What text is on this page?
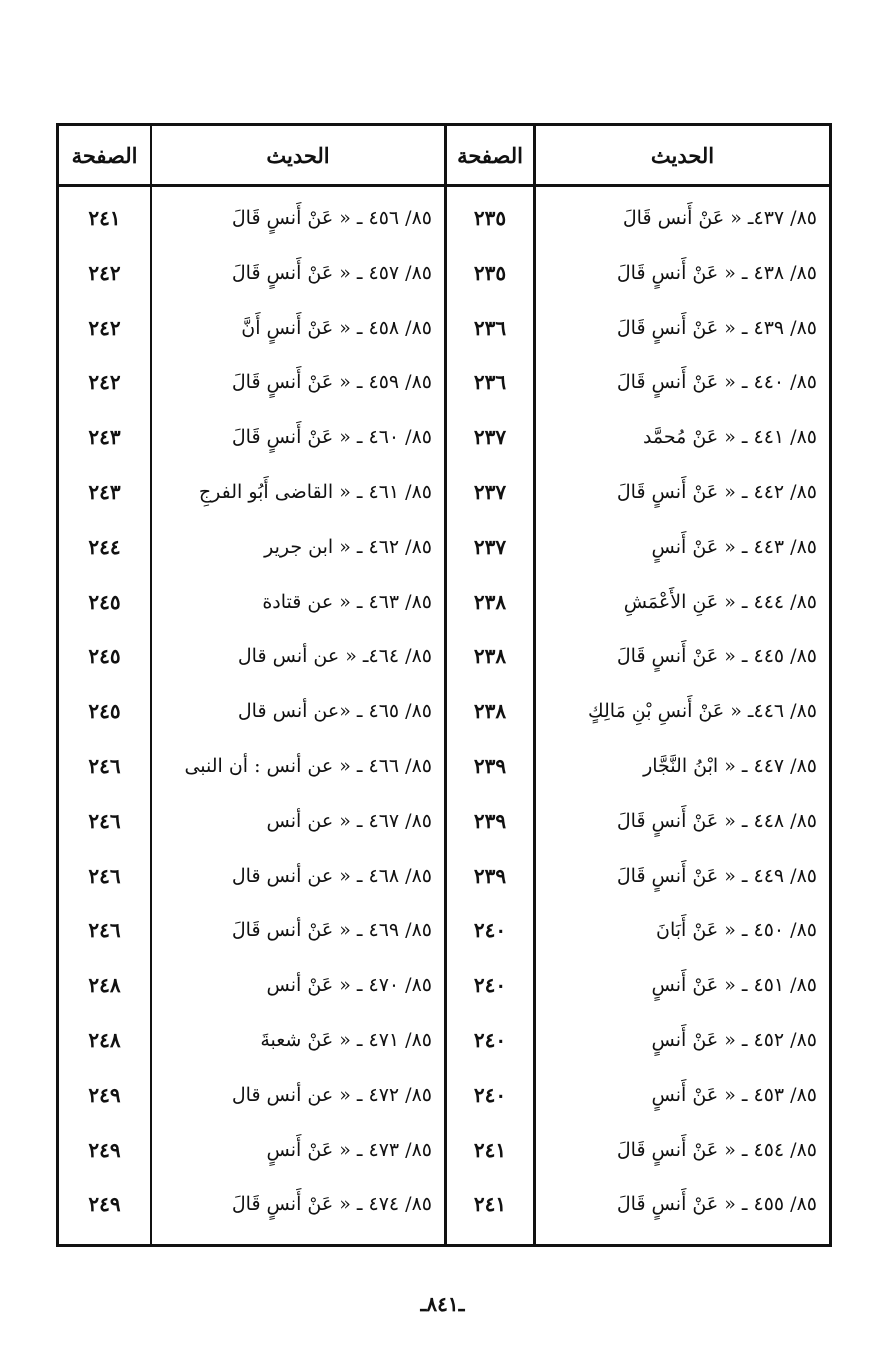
الحديث
الصفحة
الحديث
الصفحة
٨٥/ ٤٣٧ـ « عَنْ أَنس قَالَ
٢٣٥
٨٥/ ٤٣٨ ـ « عَنْ أَنسٍ قَالَ
٢٣٥
٨٥/ ٤٣٩ ـ « عَنْ أَنسٍ قَالَ
٢٣٦
٨٥/ ٤٤٠ ـ « عَنْ أَنسٍ قَالَ
٢٣٦
٨٥/ ٤٤١ ـ « عَنْ مُحمَّد
٢٣٧
٨٥/ ٤٤٢ ـ « عَنْ أَنسٍ قَالَ
٢٣٧
٨٥/ ٤٤٣ ـ « عَنْ أَنسٍ
٢٣٧
٨٥/ ٤٤٤ ـ « عَنِ الأَعْمَشِ
٢٣٨
٨٥/ ٤٤٥ ـ « عَنْ أَنسٍ قَالَ
٢٣٨
٨٥/ ٤٤٦ـ « عَنْ أَنسِ بْنِ مَالِكٍ
٢٣٨
٨٥/ ٤٤٧ ـ « ابْنُ النَّجَّار
٢٣٩
٨٥/ ٤٤٨ ـ « عَنْ أَنسٍ قَالَ
٢٣٩
٨٥/ ٤٤٩ ـ « عَنْ أَنسٍ قَالَ
٢٣٩
٨٥/ ٤٥٠ ـ « عَنْ أَبَانَ
٢٤٠
٨٥/ ٤٥١ ـ « عَنْ أَنسٍ
٢٤٠
٨٥/ ٤٥٢ ـ « عَنْ أَنسٍ
٢٤٠
٨٥/ ٤٥٣ ـ « عَنْ أَنسٍ
٢٤٠
٨٥/ ٤٥٤ ـ « عَنْ أَنسٍ قَالَ
٢٤١
٨٥/ ٤٥٥ ـ « عَنْ أَنسٍ قَالَ
٢٤١
٨٥/ ٤٥٦ ـ « عَنْ أَنسٍ قَالَ
٢٤١
٨٥/ ٤٥٧ ـ « عَنْ أَنسٍ قَالَ
٢٤٢
٨٥/ ٤٥٨ ـ « عَنْ أَنسٍ أَنَّ
٢٤٢
٨٥/ ٤٥٩ ـ « عَنْ أَنسٍ قَالَ
٢٤٢
٨٥/ ٤٦٠ ـ « عَنْ أَنسٍ قَالَ
٢٤٣
٨٥/ ٤٦١ ـ « القاضى أَبُو الفرجِ
٢٤٣
٨٥/ ٤٦٢ ـ « ابن جرير
٢٤٤
٨٥/ ٤٦٣ ـ « عن قتادة
٢٤٥
٨٥/ ٤٦٤ـ « عن أنس قال
٢٤٥
٨٥/ ٤٦٥ ـ «عن أنس قال
٢٤٥
٨٥/ ٤٦٦ ـ « عن أنس : أن النبى
٢٤٦
٨٥/ ٤٦٧ ـ « عن أنس
٢٤٦
٨٥/ ٤٦٨ ـ « عن أنس قال
٢٤٦
٨٥/ ٤٦٩ ـ « عَنْ أنس قَالَ
٢٤٦
٨٥/ ٤٧٠ ـ « عَنْ أنس
٢٤٨
٨٥/ ٤٧١ ـ « عَنْ شعبةَ
٢٤٨
٨٥/ ٤٧٢ ـ « عن أنس قال
٢٤٩
٨٥/ ٤٧٣ ـ « عَنْ أَنسٍ
٢٤٩
٨٥/ ٤٧٤ ـ « عَنْ أَنسٍ قَالَ
٢٤٩
ـ٨٤١ـ
